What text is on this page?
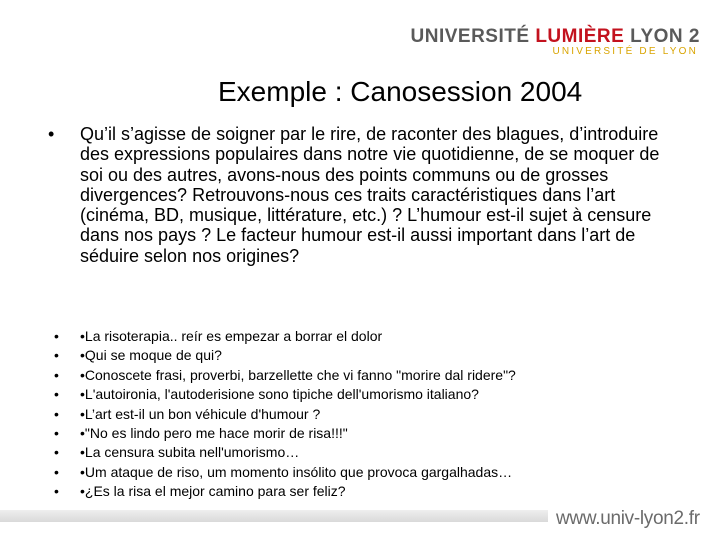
UNIVERSITÉ LUMIÈRE LYON 2
UNIVERSITÉ DE LYON
Exemple : Canosession 2004
• Qu’il s’agisse de soigner par le rire, de raconter des blagues, d’introduire des expressions populaires dans notre vie quotidienne, de se moquer de soi ou des autres, avons-nous des points communs ou de grosses divergences? Retrouvons-nous ces traits caractéristiques dans l’art (cinéma, BD, musique, littérature, etc.) ? L’humour est-il sujet à censure dans nos pays ? Le facteur humour est-il aussi important dans l’art de séduire selon nos origines?
• •La risoterapia.. reír es empezar a borrar el dolor
• •Qui se moque de qui?
• •Conoscete frasi, proverbi, barzellette che vi fanno "morire dal ridere"?
• •L'autoironia, l'autoderisione sono tipiche dell'umorismo italiano?
• •L’art est-il un bon véhicule d'humour ?
• •"No es lindo pero me hace morir de risa!!!"
• •La censura subita nell'umorismo…
• •Um ataque de riso, um momento insólito que provoca gargalhadas…
• •¿Es la risa el mejor camino para ser feliz?
www.univ-lyon2.fr
